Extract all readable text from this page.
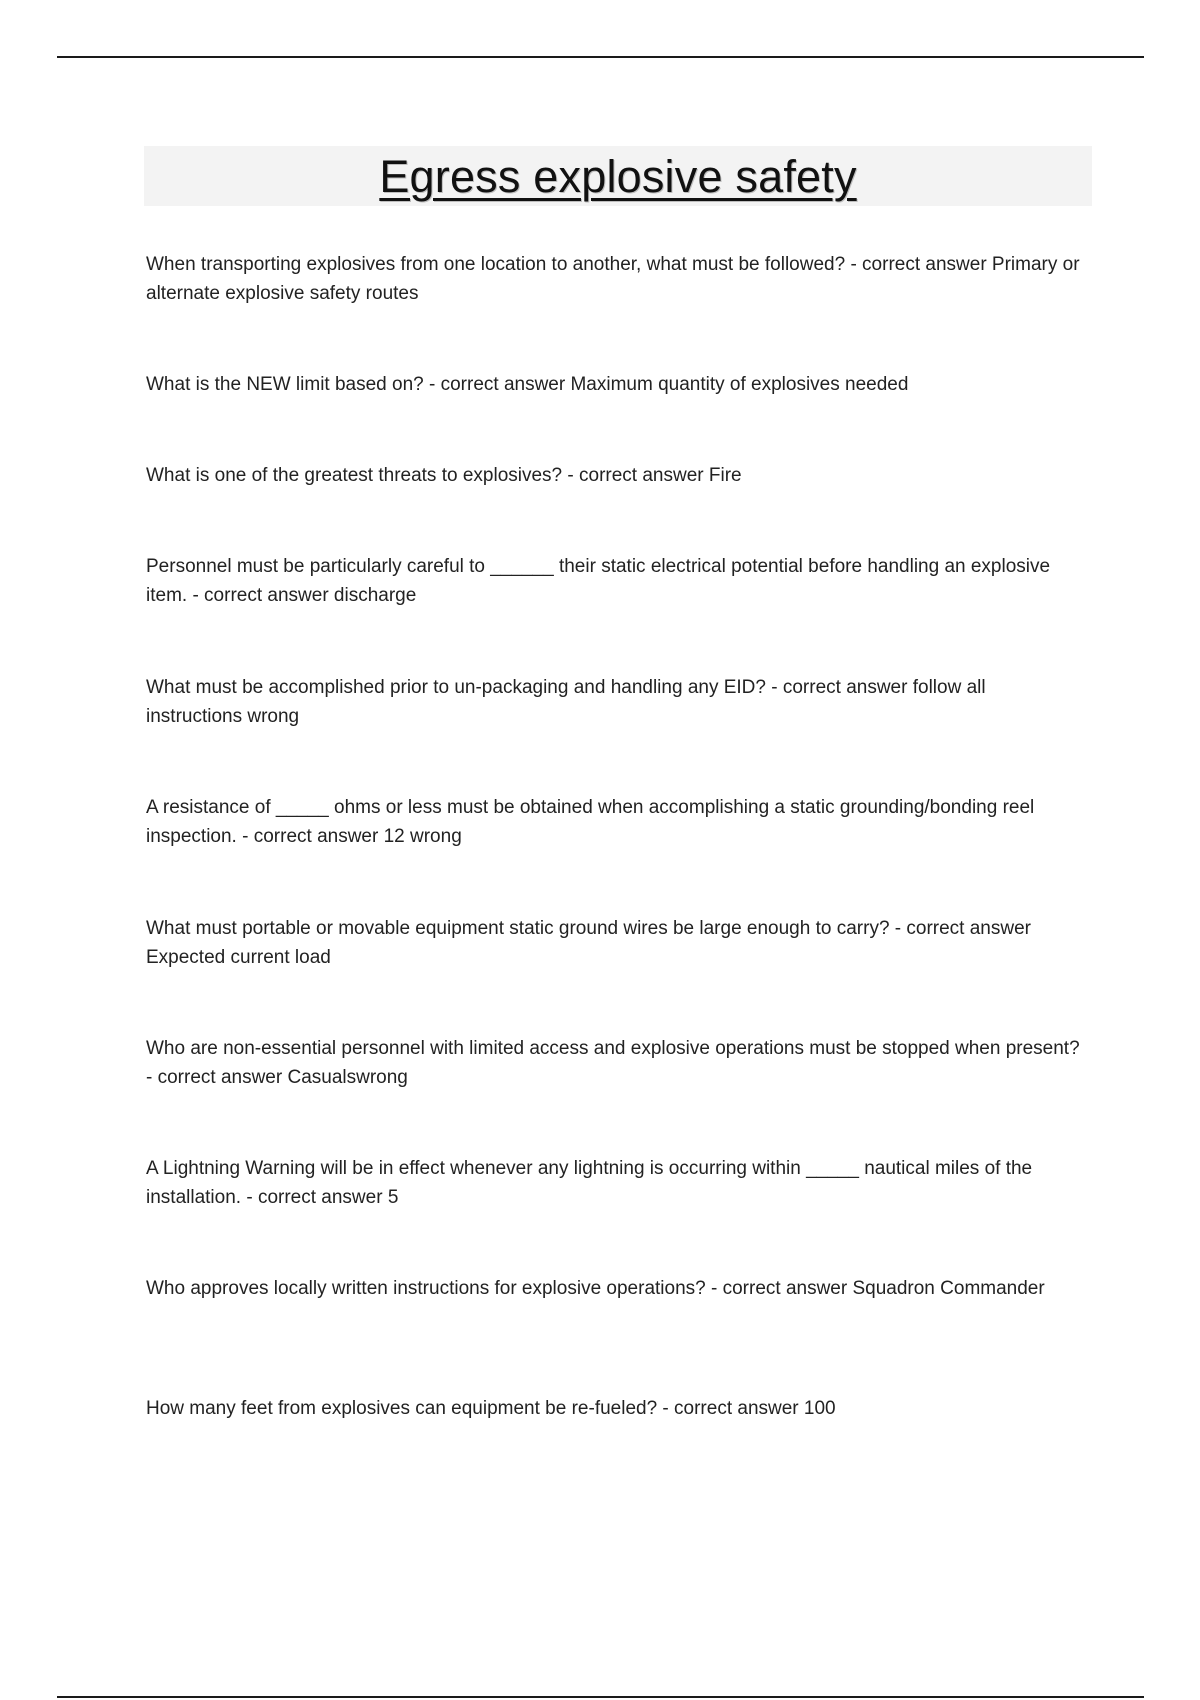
Egress explosive safety

When transporting explosives from one location to another, what must be followed? - correct answer Primary or alternate explosive safety routes

What is the NEW limit based on? - correct answer Maximum quantity of explosives needed

What is one of the greatest threats to explosives? - correct answer Fire

Personnel must be particularly careful to ______ their static electrical potential before handling an explosive item. - correct answer discharge

What must be accomplished prior to un-packaging and handling any EID? - correct answer follow all instructions wrong

A resistance of _____ ohms or less must be obtained when accomplishing a static grounding/bonding reel inspection. - correct answer 12 wrong

What must portable or movable equipment static ground wires be large enough to carry? - correct answer Expected current load

Who are non-essential personnel with limited access and explosive operations must be stopped when present? - correct answer Casualswrong

A Lightning Warning will be in effect whenever any lightning is occurring within _____ nautical miles of the installation. - correct answer 5

Who approves locally written instructions for explosive operations? - correct answer Squadron Commander

How many feet from explosives can equipment be re-fueled? - correct answer 100
